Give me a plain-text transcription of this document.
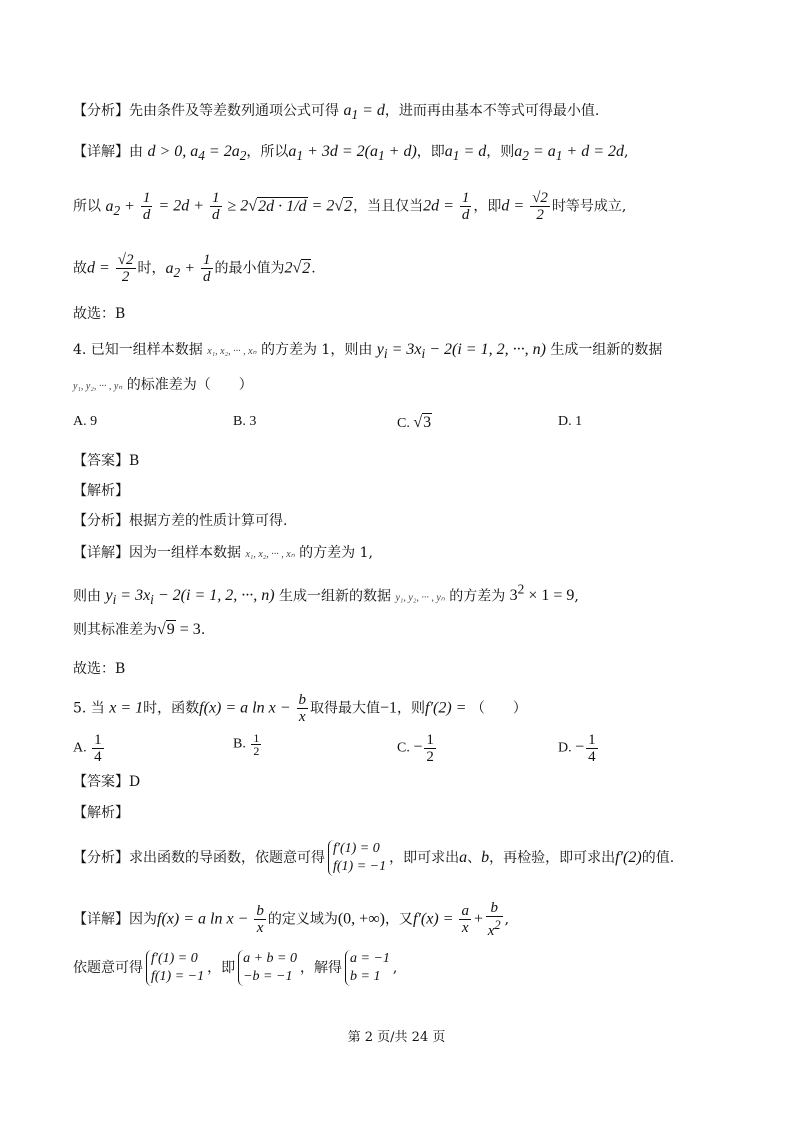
【分析】先由条件及等差数列通项公式可得 $a_1 = d$，进而再由基本不等式可得最小值.
【详解】由 d > 0, $a_4 = 2a_2$，所以$a_1 + 3d = 2(a_1 + d)$，即$a_1 = d$，则$a_2 = a_1 + d = 2d$,
所以 $a_2 + \frac{1}{d} = 2d + \frac{1}{d} \ge 2√2d \cdot 1/d = 2√2$，当且仅当$2d = \frac{1}{d}$ ，即$d = \frac{√2}{2}$ 时等号成立,
故$d = \frac{√2}{2}$ 时，$a_2 + \frac{1}{d}$ 的最小值为2√2.
故选：B
4. 已知一组样本数据 x₁, x₂, ··· , xₙ 的方差为 1，则由 $y_i = 3x_i - 2(i = 1$, 2, ···, n) 生成一组新的数据
y₁, y₂, ··· , yₙ 的标准差为（　　）
A. 9	B. 3	C. √3	D. 1
【答案】B
【解析】
【分析】根据方差的性质计算可得.
【详解】因为一组样本数据 x₁, x₂, ··· , xₙ 的方差为 1,
则由 $y_i = 3x_i - 2(i = 1$, 2, ···, n) 生成一组新的数据 y₁, y₂, ··· , yₙ 的方差为 $3^2 \times 1 = 9$,
则其标准差为√9 = 3.
故选：B
5. 当 x = 1时，函数f(x) = a $\ln x - \frac{b}{x}$ 取得最大值−1，则f′(2) = （　　）
A. $\frac{1}{4}$	B. $\frac{1}{2}$	C. − $\frac{1}{2}$	D. − $\frac{1}{4}$
【答案】D
【解析】
【分析】求出函数的导函数，依题意可得f′(1) = 0
f(1) = −1，即可求出a、b，再检验，即可求出f′(2)的值.
【详解】因为f(x) = a $\ln x - \frac{b}{x}$ 的定义域为(0, +∞)，又$f'(x) = \frac{a}{x} + \frac{b}{x^2}$ ,
依题意可得f′(1) = 0
f(1) = −1，即a + b = 0
−b = −1，解得a = −1
b = 1,
第 2 页/共 24 页
